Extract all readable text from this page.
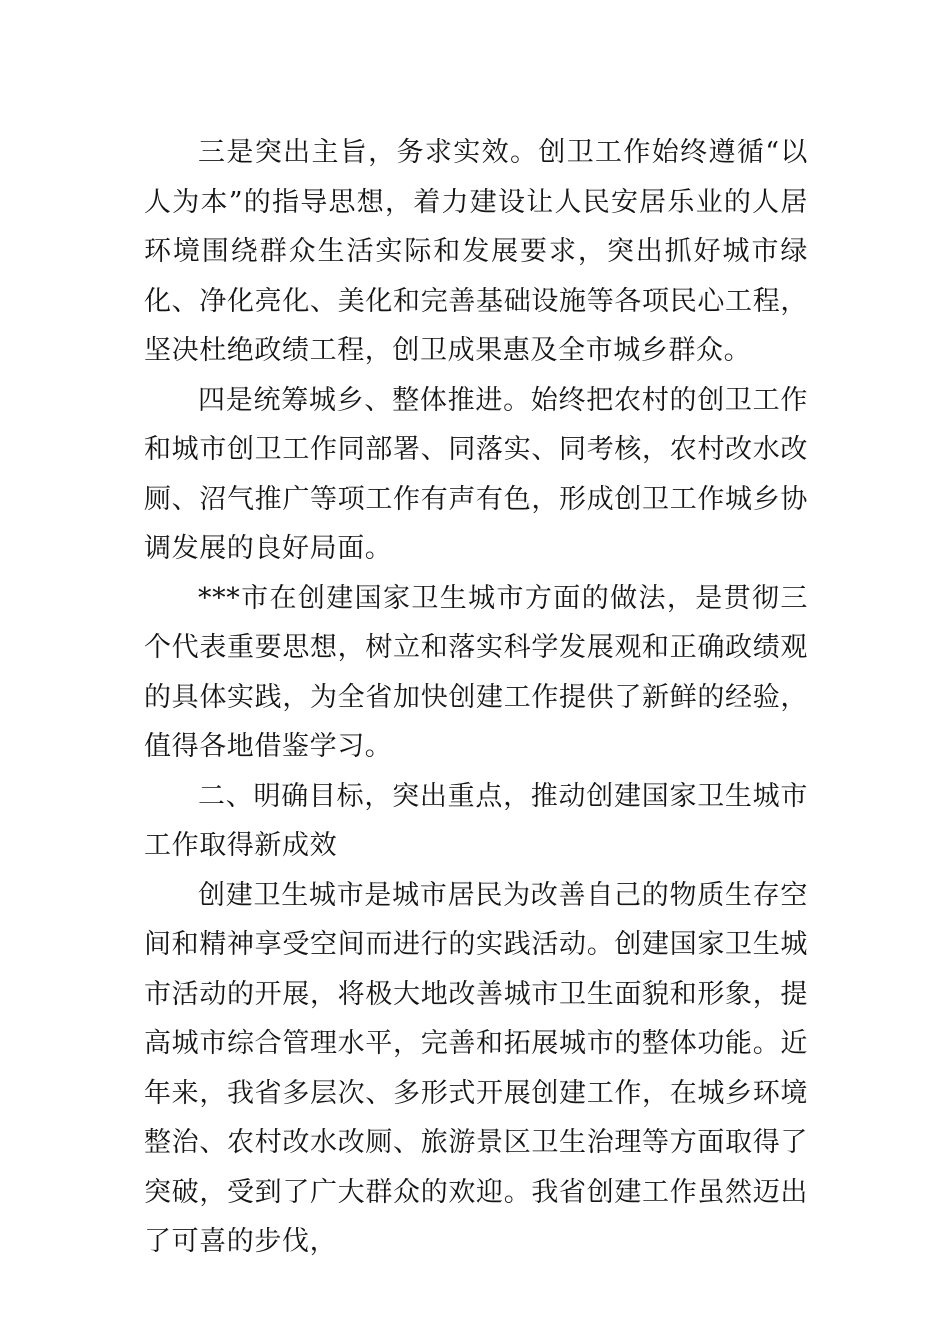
三是突出主旨，务求实效。创卫工作始终遵循“以人为本”的指导思想，着力建设让人民安居乐业的人居环境围绕群众生活实际和发展要求，突出抓好城市绿化、净化亮化、美化和完善基础设施等各项民心工程，坚决杜绝政绩工程，创卫成果惠及全市城乡群众。

四是统筹城乡、整体推进。始终把农村的创卫工作和城市创卫工作同部署、同落实、同考核，农村改水改厕、沼气推广等项工作有声有色，形成创卫工作城乡协调发展的良好局面。

***市在创建国家卫生城市方面的做法，是贯彻三个代表重要思想，树立和落实科学发展观和正确政绩观的具体实践，为全省加快创建工作提供了新鲜的经验，值得各地借鉴学习。

二、明确目标，突出重点，推动创建国家卫生城市工作取得新成效

创建卫生城市是城市居民为改善自己的物质生存空间和精神享受空间而进行的实践活动。创建国家卫生城市活动的开展，将极大地改善城市卫生面貌和形象，提高城市综合管理水平，完善和拓展城市的整体功能。近年来，我省多层次、多形式开展创建工作，在城乡环境整治、农村改水改厕、旅游景区卫生治理等方面取得了突破，受到了广大群众的欢迎。我省创建工作虽然迈出了可喜的步伐，
